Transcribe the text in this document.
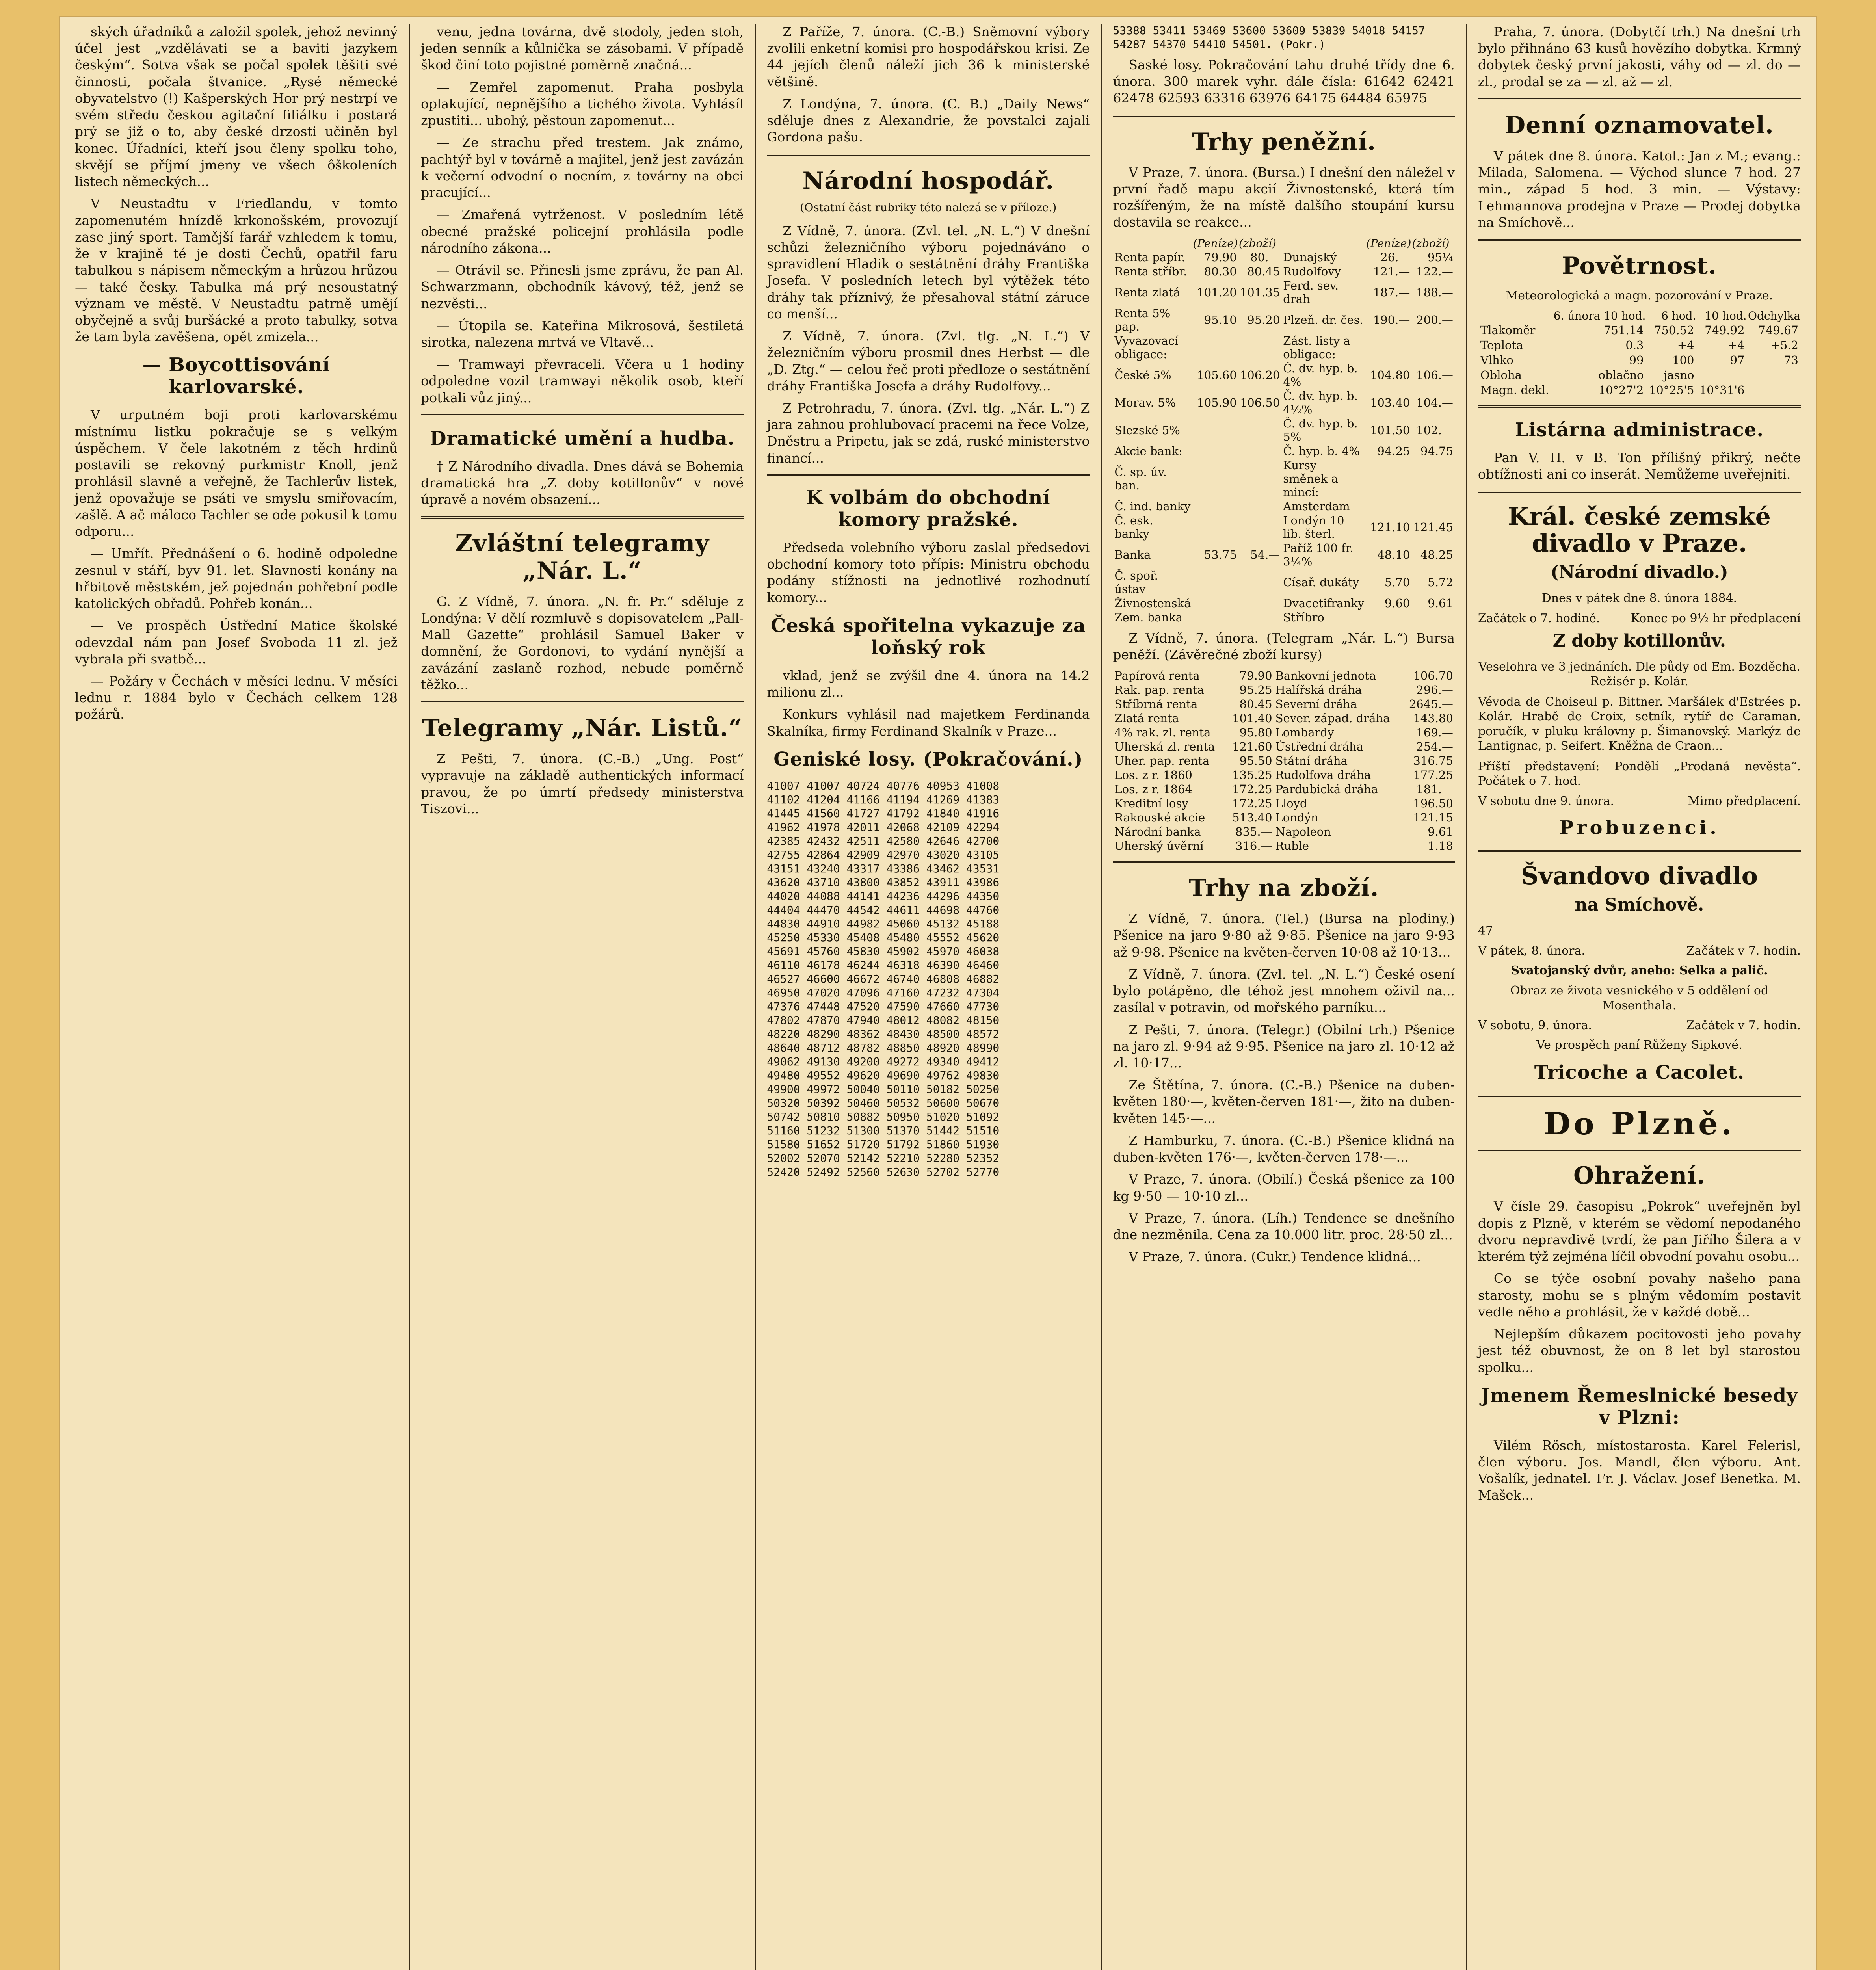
ských úřadníků a založil spolek, jehož nevinný účel jest „vzdělávati se a baviti jazykem českým“. Sotva však se počal spolek těšiti své činnosti, počala štvanice. „Rysé německé obyvatelstvo (!) Kašperských Hor prý nestrpí ve svém středu českou agitační filiálku i postará prý se již o to, aby české drzosti učiněn byl konec. Úřadníci, kteří jsou členy spolku toho, skvějí se příjmí jmeny ve všech ôškoleních listech německých...

V Neustadtu v Friedlandu, v tomto zapomenutém hnízdě krkonošském, provozují zase jiný sport. Tamější farář vzhledem k tomu, že v krajině té je dosti Čechů, opatřil faru tabulkou s nápisem německým a hrůzou hrůzou — také česky. Tabulka má prý nesoustatný význam ve městě. V Neustadtu patrně umějí obyčejně a svůj buršácké a proto tabulky, sotva že tam byla zavěšena, opět zmizela...

— Boycottisování karlovarské.

V urputném boji proti karlovarskému místnímu listku pokračuje se s velkým úspěchem. V čele lakotném z těch hrdinů postavili se rekovný purkmistr Knoll, jenž prohlásil slavně a veřejně, že Tachlerův listek, jenž opovažuje se psáti ve smyslu smiřovacím, zašlě. A ač máloco Tachler se ode pokusil k tomu odporu...

— Umřít. Přednášení o 6. hodině odpoledne zesnul v stáří, byv 91. let. Slavnosti konány na hřbitově městském, jež pojednán pohřební podle katolických obřadů. Pohřeb konán...

— Ve prospěch Ústřední Matice školské odevzdal nám pan Josef Svoboda 11 zl. jež vybrala při svatbě...

— Požáry v Čechách v měsíci lednu. V měsíci lednu r. 1884 bylo v Čechách celkem 128 požárů.

venu, jedna továrna, dvě stodoly, jeden stoh, jeden senník a kůlnička se zásobami. V případě škod činí toto pojistné poměrně značná...

— Zemřel zapomenut. Praha posbyla oplakující, nepnějšího a tichého života. Vyhlásíl zpustiti... ubohý, pěstoun zapomenut...

— Ze strachu před trestem. Jak známo, pachtýř byl v továrně a majitel, jenž jest zavázán k večerní odvodní o nocním, z továrny na obci pracující...

— Zmařená vytrženost. V posledním létě obecné pražské policejní prohlásila podle národního zákona...

— Otrávil se. Přinesli jsme zprávu, že pan Al. Schwarzmann, obchodník kávový, též, jenž se nezvěsti...

— Útopila se. Kateřina Mikrosová, šestiletá sirotka, nalezena mrtvá ve Vltavě...

— Tramwayi převraceli. Včera u 1 hodiny odpoledne vozil tramwayi několik osob, kteří potkali vůz jiný...

Dramatické umění a hudba.

† Z Národního divadla. Dnes dává se Bohemia dramatická hra „Z doby kotillonův“ v nové úpravě a novém obsazení...

Zvláštní telegramy „Nár. L.“

G. Z Vídně, 7. února. „N. fr. Pr.“ sděluje z Londýna: V dělí rozmluvě s dopisovatelem „Pall-Mall Gazette“ prohlásil Samuel Baker v domnění, že Gordonovi, to vydání nynější a zavázání zaslaně rozhod, nebude poměrně těžko...

Telegramy „Nár. Listů.“

Z Pešti, 7. února. (C.-B.) „Ung. Post“ vypravuje na základě authentických informací pravou, že po úmrtí předsedy ministerstva Tiszovi...

Z Paříže, 7. února. (C.-B.) Sněmovní výbory zvolili enketní komisi pro hospodářskou krisi. Ze 44 jejích členů náleží jich 36 k ministerské většině.

Z Londýna, 7. února. (C. B.) „Daily News“ sděluje dnes z Alexandrie, že povstalci zajali Gordona pašu.

Národní hospodář.
(Ostatní část rubriky této nalezá se v příloze.)

Z Vídně, 7. února. (Zvl. tel. „N. L.“) V dnešní schůzi železničního výboru pojednáváno o spravidlení Hladik o sestátnění dráhy Františka Josefa. V posledních letech byl výtěžek této dráhy tak příznivý, že přesahoval státní záruce co menší...

Z Vídně, 7. února. (Zvl. tlg. „N. L.“) V železničním výboru prosmil dnes Herbst — dle „D. Ztg.“ — celou řeč proti předloze o sestátnění dráhy Františka Josefa a dráhy Rudolfovy...

Z Petrohradu, 7. února. (Zvl. tlg. „Nár. L.“) Z jara zahnou prohlubovací pracemi na řece Volze, Dněstru a Pripetu, jak se zdá, ruské ministerstvo financí...

K volbám do obchodní komory pražské.

Předseda volebního výboru zaslal předsedovi obchodní komory toto přípis: Ministru obchodu podány stížnosti na jednotlivé rozhodnutí komory...

Česká spořitelna vykazuje za loňský rok

vklad, jenž se zvýšil dne 4. února na 14.2 milionu zl...

Konkurs vyhlásil nad majetkem Ferdinanda Skalníka, firmy Ferdinand Skalník v Praze...

Geniské losy. (Pokračování.)
41007 41007 40724 40776 40953 41008
41102 41204 41166 41194 41269 41383
41445 41560 41727 41792 41840 41916
41962 41978 42011 42068 42109 42294
42385 42432 42511 42580 42646 42700
42755 42864 42909 42970 43020 43105
43151 43240 43317 43386 43462 43531
43620 43710 43800 43852 43911 43986
44020 44088 44141 44236 44296 44350
44404 44470 44542 44611 44698 44760
44830 44910 44982 45060 45132 45188
45250 45330 45408 45480 45552 45620
45691 45760 45830 45902 45970 46038
46110 46178 46244 46318 46390 46460
46527 46600 46672 46740 46808 46882
46950 47020 47096 47160 47232 47304
47376 47448 47520 47590 47660 47730
47802 47870 47940 48012 48082 48150
48220 48290 48362 48430 48500 48572
48640 48712 48782 48850 48920 48990
49062 49130 49200 49272 49340 49412
49480 49552 49620 49690 49762 49830
49900 49972 50040 50110 50182 50250
50320 50392 50460 50532 50600 50670
50742 50810 50882 50950 51020 51092
51160 51232 51300 51370 51442 51510
51580 51652 51720 51792 51860 51930
52002 52070 52142 52210 52280 52352
52420 52492 52560 52630 52702 52770
53388 53411 53469 53600 53609 53839 54018 54157
54287 54370 54410 54501. (Pokr.)

Saské losy. Pokračování tahu druhé třídy dne 6. února. 300 marek vyhr. dále čísla: 61642 62421 62478 62593 63316 63976 64175 64484 65975

Trhy peněžní.

V Praze, 7. února. (Bursa.) I dnešní den náležel v první řadě mapu akcií Živnostenské, která tím rozšířeným, že na místě dalšího stoupání kursu dostavila se reakce...

	(Peníze)	(zboží)		(Peníze)	(zboží)
Renta papír.	79.90	80.—	Dunajský	26.—	95¼
Renta stříbr.	80.30	80.45	Rudolfovy	121.—	122.—
Renta zlatá	101.20	101.35	Ferd. sev. drah	187.—	188.—
Renta 5% pap.	95.10	95.20	Plzeň. dr. čes.	190.—	200.—
Vyvazovací obligace:			Zást. listy a obligace:		
České 5%	105.60	106.20	Č. dv. hyp. b. 4%	104.80	106.—
Morav. 5%	105.90	106.50	Č. dv. hyp. b. 4½%	103.40	104.—
Slezské 5%			Č. dv. hyp. b. 5%	101.50	102.—
Akcie bank:			Č. hyp. b. 4%	94.25	94.75
Č. sp. úv. ban.			Kursy směnek a mincí:		
Č. ind. banky			Amsterdam		
Č. esk. banky			Londýn 10 lib. šterl.	121.10	121.45
Banka	53.75	54.—	Paříž 100 fr. 3¼%	48.10	48.25
Č. spoř. ústav			Císař. dukáty	5.70	5.72
Živnostenská			Dvacetifranky	9.60	9.61
Zem. banka			Stříbro		

Z Vídně, 7. února. (Telegram „Nár. L.“) Bursa peněží. (Závěrečné zboží kursy)

Papírová renta	79.90	Bankovní jednota	106.70
Rak. pap. renta	95.25	Halířská dráha	296.—
Stříbrná renta	80.45	Severní dráha	2645.—
Zlatá renta	101.40	Sever. západ. dráha	143.80
4% rak. zl. renta	95.80	Lombardy	169.—
Uherská zl. renta	121.60	Ústřední dráha	254.—
Uher. pap. renta	95.50	Státní dráha	316.75
Los. z r. 1860	135.25	Rudolfova dráha	177.25
Los. z r. 1864	172.25	Pardubická dráha	181.—
Kreditní losy	172.25	Lloyd	196.50
Rakouské akcie	513.40	Londýn	121.15
Národní banka	835.—	Napoleon	9.61
Uherský úvěrní	316.—	Ruble	1.18
Trhy na zboží.

Z Vídně, 7. února. (Tel.) (Bursa na plodiny.) Pšenice na jaro 9·80 až 9·85. Pšenice na jaro 9·93 až 9·98. Pšenice na květen-červen 10·08 až 10·13...

Z Vídně, 7. února. (Zvl. tel. „N. L.“) České osení bylo potápěno, dle téhož jest mnohem oživil na... zasílal v potravin, od mořského parníku...

Z Pešti, 7. února. (Telegr.) (Obilní trh.) Pšenice na jaro zl. 9·94 až 9·95. Pšenice na jaro zl. 10·12 až zl. 10·17...

Ze Štětína, 7. února. (C.-B.) Pšenice na duben-květen 180·—, květen-červen 181·—, žito na duben-květen 145·—...

Z Hamburku, 7. února. (C.-B.) Pšenice klidná na duben-květen 176·—, květen-červen 178·—...

V Praze, 7. února. (Obilí.) Česká pšenice za 100 kg 9·50 — 10·10 zl...

V Praze, 7. února. (Líh.) Tendence se dnešního dne nezměnila. Cena za 10.000 litr. proc. 28·50 zl...

V Praze, 7. února. (Cukr.) Tendence klidná...

Praha, 7. února. (Dobytčí trh.) Na dnešní trh bylo přihnáno 63 kusů hovězího dobytka. Krmný dobytek český první jakosti, váhy od — zl. do — zl., prodal se za — zl. až — zl.

Denní oznamovatel.

V pátek dne 8. února. Katol.: Jan z M.; evang.: Milada, Salomena. — Východ slunce 7 hod. 27 min., západ 5 hod. 3 min. — Výstavy: Lehmannova prodejna v Praze — Prodej dobytka na Smíchově...

Povětrnost.
Meteorologická a magn. pozorování v Praze.
	6. února 10 hod.	6 hod.	10 hod.	Odchylka
Tlakoměr	751.14	750.52	749.92	749.67
Teplota	0.3	+4	+4	+5.2
Vlhko	99	100	97	73
Obloha	oblačno	jasno		
Magn. dekl.	10°27'2	10°25'5	10°31'6	
Listárna administrace.

Pan V. H. v B. Ton přílišný přikrý, nečte obtížnosti ani co inserát. Nemůžeme uveřejniti.

Král. české zemské divadlo v Praze.
(Národní divadlo.)
Dnes v pátek dne 8. února 1884.
Začátek o 7. hodině.	Konec po 9½ hr předplacení
Z doby kotillonův.
Veselohra ve 3 jednáních. Dle půdy od Em. Bozděcha. Režisér p. Kolár.

Vévoda de Choiseul p. Bittner. Maršálek d'Estrées p. Kolár. Hrabě de Croix, setník, rytíř de Caraman, poručík, v pluku královny p. Šimanovský. Markýz de Lantignac, p. Seifert. Kněžna de Craon...

Příští představení: Pondělí „Prodaná nevěsta“. Počátek o 7. hod.

V sobotu dne 9. února.	Mimo předplacení.
Probuzenci.
Švandovo divadlo
na Smíchově.
47
V pátek, 8. února.	Začátek v 7. hodin.
Svatojanský dvůr, anebo: Selka a palič.
Obraz ze života vesnického v 5 oddělení od Mosenthala.
V sobotu, 9. února.	Začátek v 7. hodin.
Ve prospěch paní Růženy Sipkové.
Tricoche a Cacolet.
Do Plzně.
Ohražení.

V čísle 29. časopisu „Pokrok“ uveřejněn byl dopis z Plzně, v kterém se vědomí nepodaného dvoru nepravdivě tvrdí, že pan Jiřího Šilera a v kterém týž zejména líčil obvodní povahu osobu...

Co se týče osobní povahy našeho pana starosty, mohu se s plným vědomím postavit vedle něho a prohlásit, že v každé době...

Nejlepším důkazem pocitovosti jeho povahy jest též obuvnost, že on 8 let byl starostou spolku...

Jmenem Řemeslnické besedy v Plzni:

Vilém Rösch, místostarosta. Karel Felerisl, člen výboru. Jos. Mandl, člen výboru. Ant. Vošalík, jednatel. Fr. J. Václav. Josef Benetka. M. Mašek...
